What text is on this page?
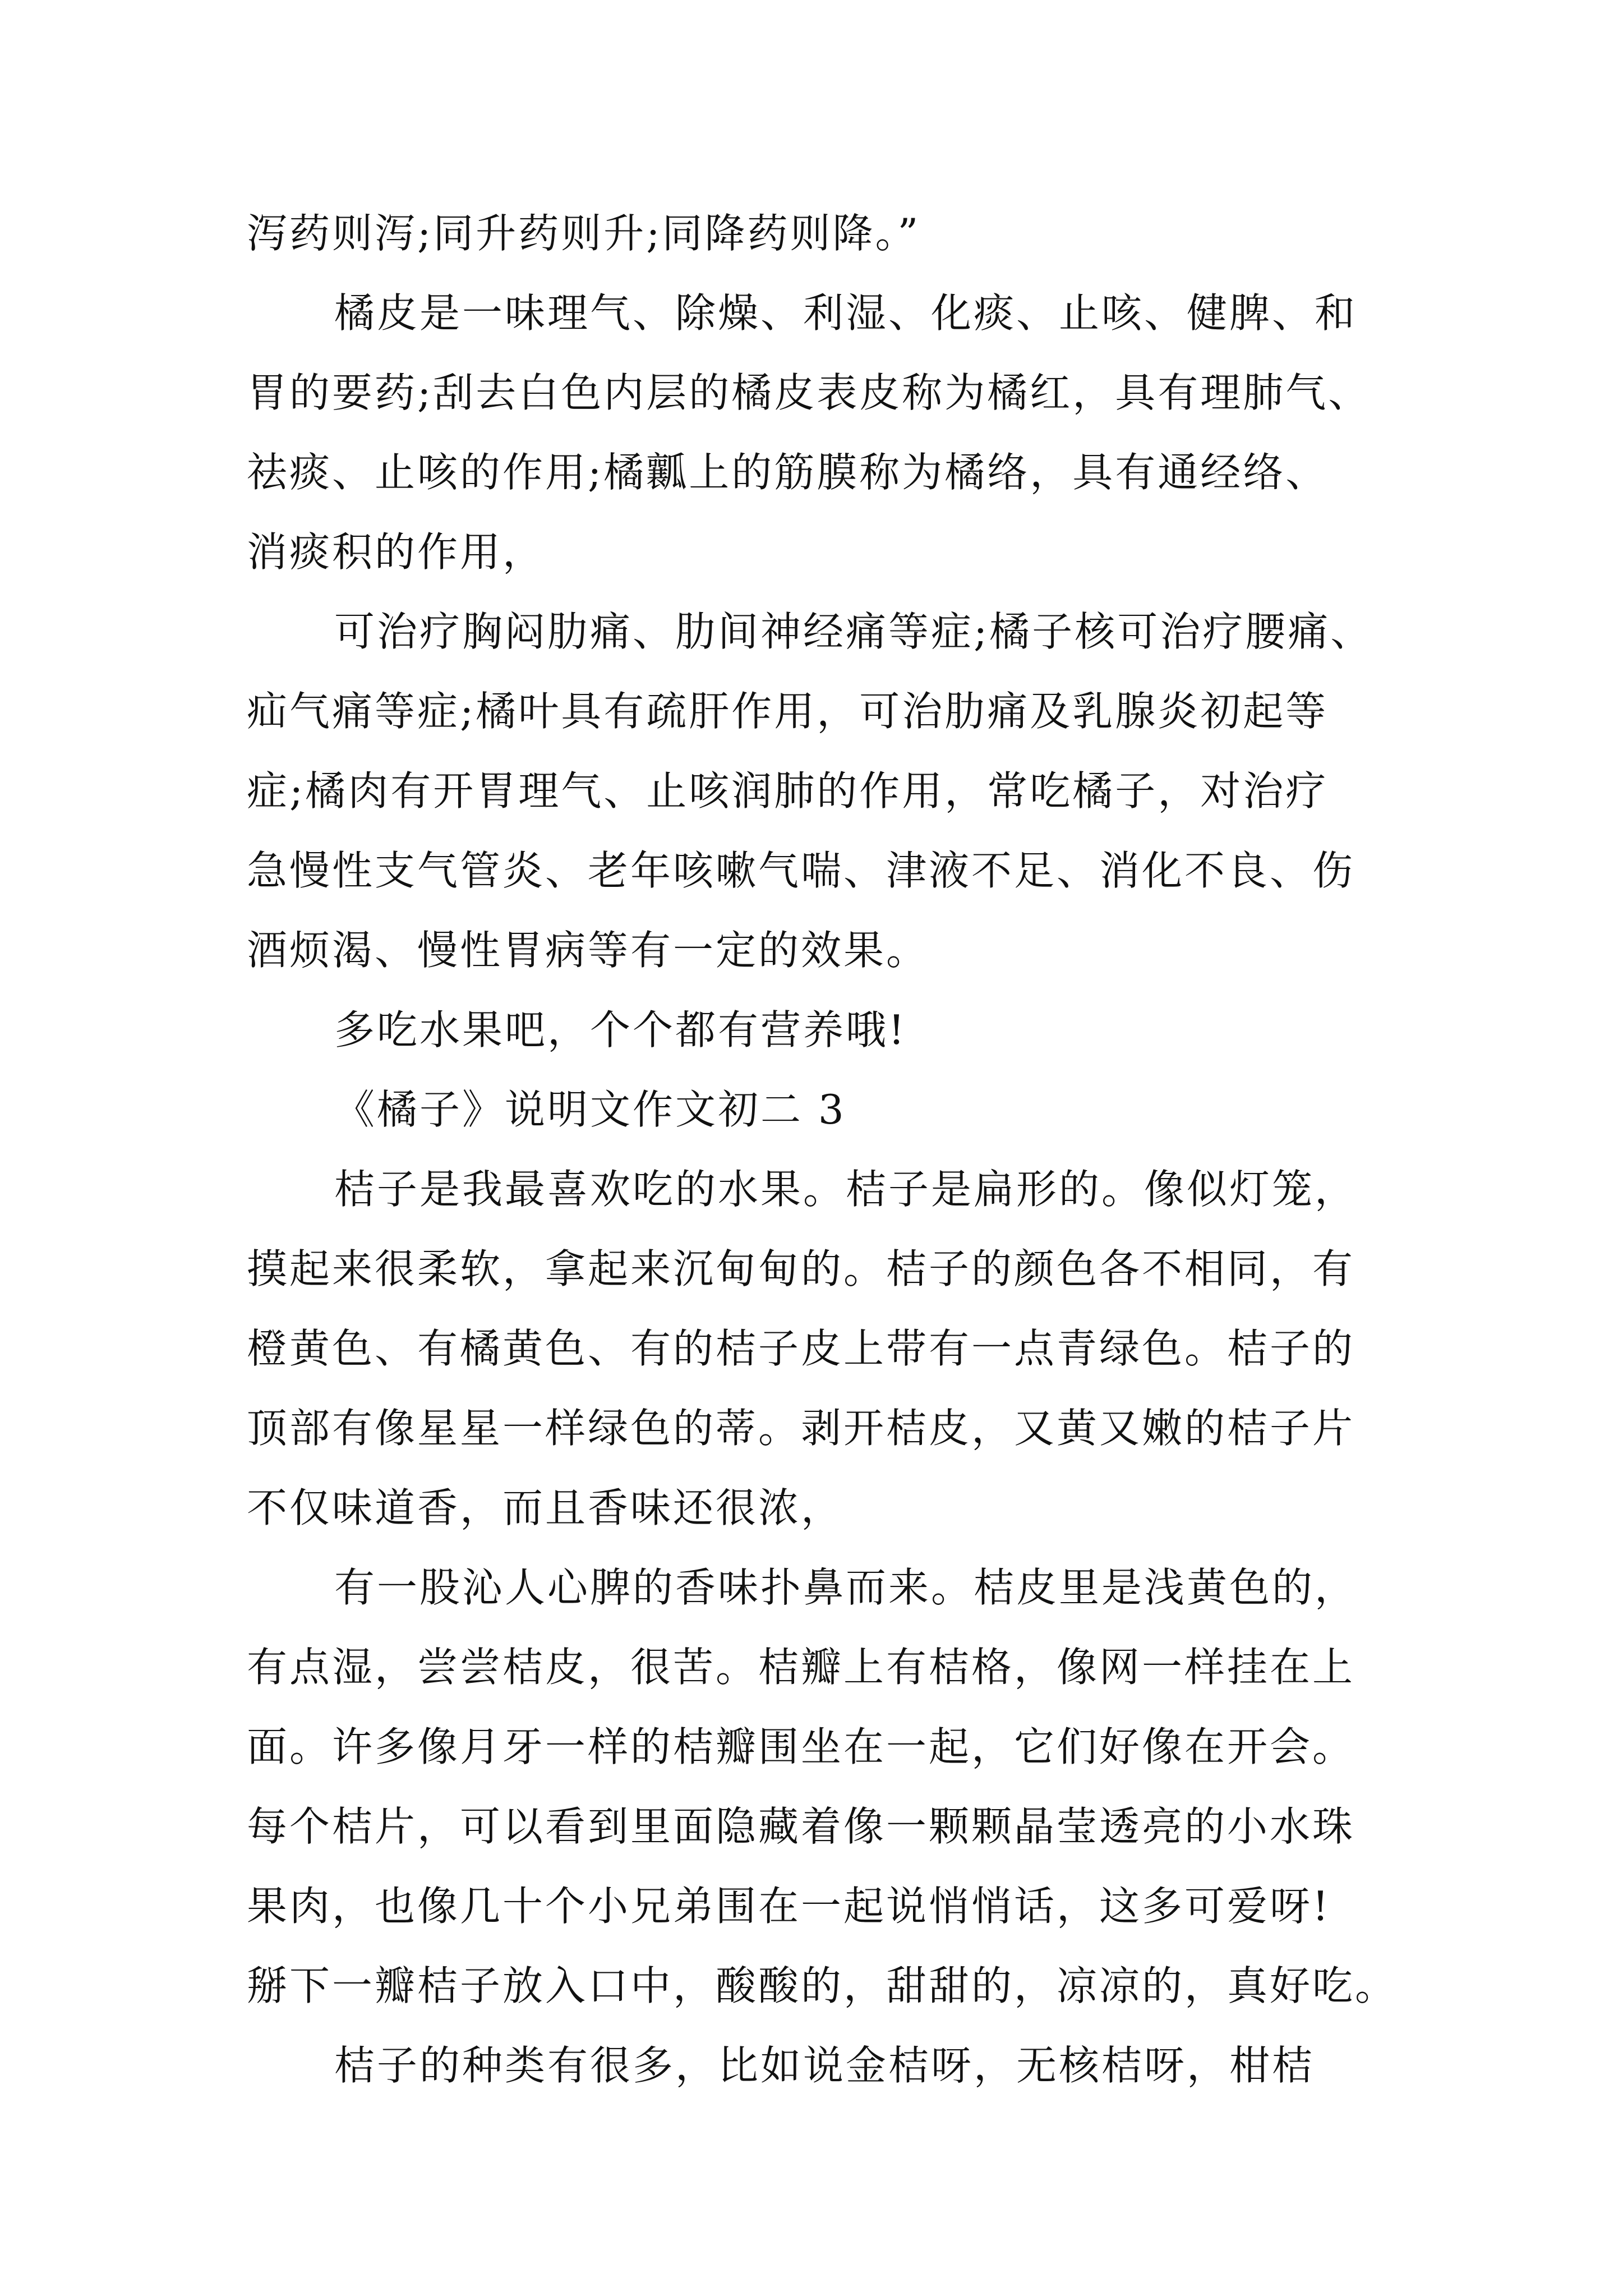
泻药则泻;同升药则升;同降药则降。”
橘皮是一味理气、除燥、利湿、化痰、止咳、健脾、和
胃的要药;刮去白色内层的橘皮表皮称为橘红，具有理肺气、
祛痰、止咳的作用;橘瓤上的筋膜称为橘络，具有通经络、
消痰积的作用，
可治疗胸闷肋痛、肋间神经痛等症;橘子核可治疗腰痛、
疝气痛等症;橘叶具有疏肝作用，可治肋痛及乳腺炎初起等
症;橘肉有开胃理气、止咳润肺的作用，常吃橘子，对治疗
急慢性支气管炎、老年咳嗽气喘、津液不足、消化不良、伤
酒烦渴、慢性胃病等有一定的效果。
多吃水果吧，个个都有营养哦!
《橘子》说明文作文初二 3
桔子是我最喜欢吃的水果。桔子是扁形的。像似灯笼，
摸起来很柔软，拿起来沉甸甸的。桔子的颜色各不相同，有
橙黄色、有橘黄色、有的桔子皮上带有一点青绿色。桔子的
顶部有像星星一样绿色的蒂。剥开桔皮，又黄又嫩的桔子片
不仅味道香，而且香味还很浓，
有一股沁人心脾的香味扑鼻而来。桔皮里是浅黄色的，
有点湿，尝尝桔皮，很苦。桔瓣上有桔格，像网一样挂在上
面。许多像月牙一样的桔瓣围坐在一起，它们好像在开会。
每个桔片，可以看到里面隐藏着像一颗颗晶莹透亮的小水珠
果肉，也像几十个小兄弟围在一起说悄悄话，这多可爱呀!
掰下一瓣桔子放入口中，酸酸的，甜甜的，凉凉的，真好吃。
桔子的种类有很多，比如说金桔呀，无核桔呀，柑桔
